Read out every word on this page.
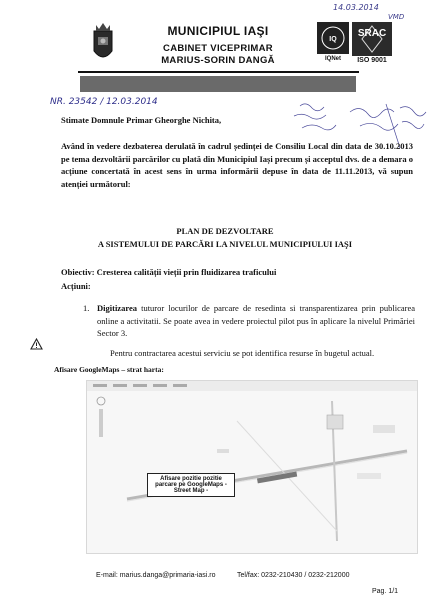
14.03.2014
VMD
MUNICIPIUL IAŞI
CABINET VICEPRIMAR
MARIUS-SORIN DANGĂ
IQ
IQNet
SRAC
ISO 9001
NR. 23542 / 12.03.2014
Stimate Domnule Primar Gheorghe Nichita,
Având în vedere dezbaterea derulată în cadrul ședinței de Consiliu Local din data de 30.10.2013 pe tema dezvoltării parcărilor cu plată din Municipiul Iași precum și acceptul dvs. de a demara o acțiune concertată în acest sens în urma informării depuse în data de 11.11.2013, vă supun atenției următorul:
PLAN DE DEZVOLTARE
A SISTEMULUI DE PARCĂRI LA NIVELUL MUNICIPIULUI IAŞI
Obiectiv: Cresterea calității vieții prin fluidizarea traficului
Acțiuni:
1. Digitizarea tuturor locurilor de parcare de resedinta si transparentizarea prin publicarea online a activitatii. Se poate avea in vedere proiectul pilot pus în aplicare la nivelul Primăriei Sector 3.
Pentru contractarea acestui serviciu se pot identifica resurse în bugetul actual.
Afisare GoogleMaps – strat harta:
Afisare pozitie pozitie parcare pe GoogleMaps - Street Map -
E-mail: marius.danga@primaria-iasi.ro	Tel/fax: 0232-210430 / 0232-212000
Pag. 1/1
